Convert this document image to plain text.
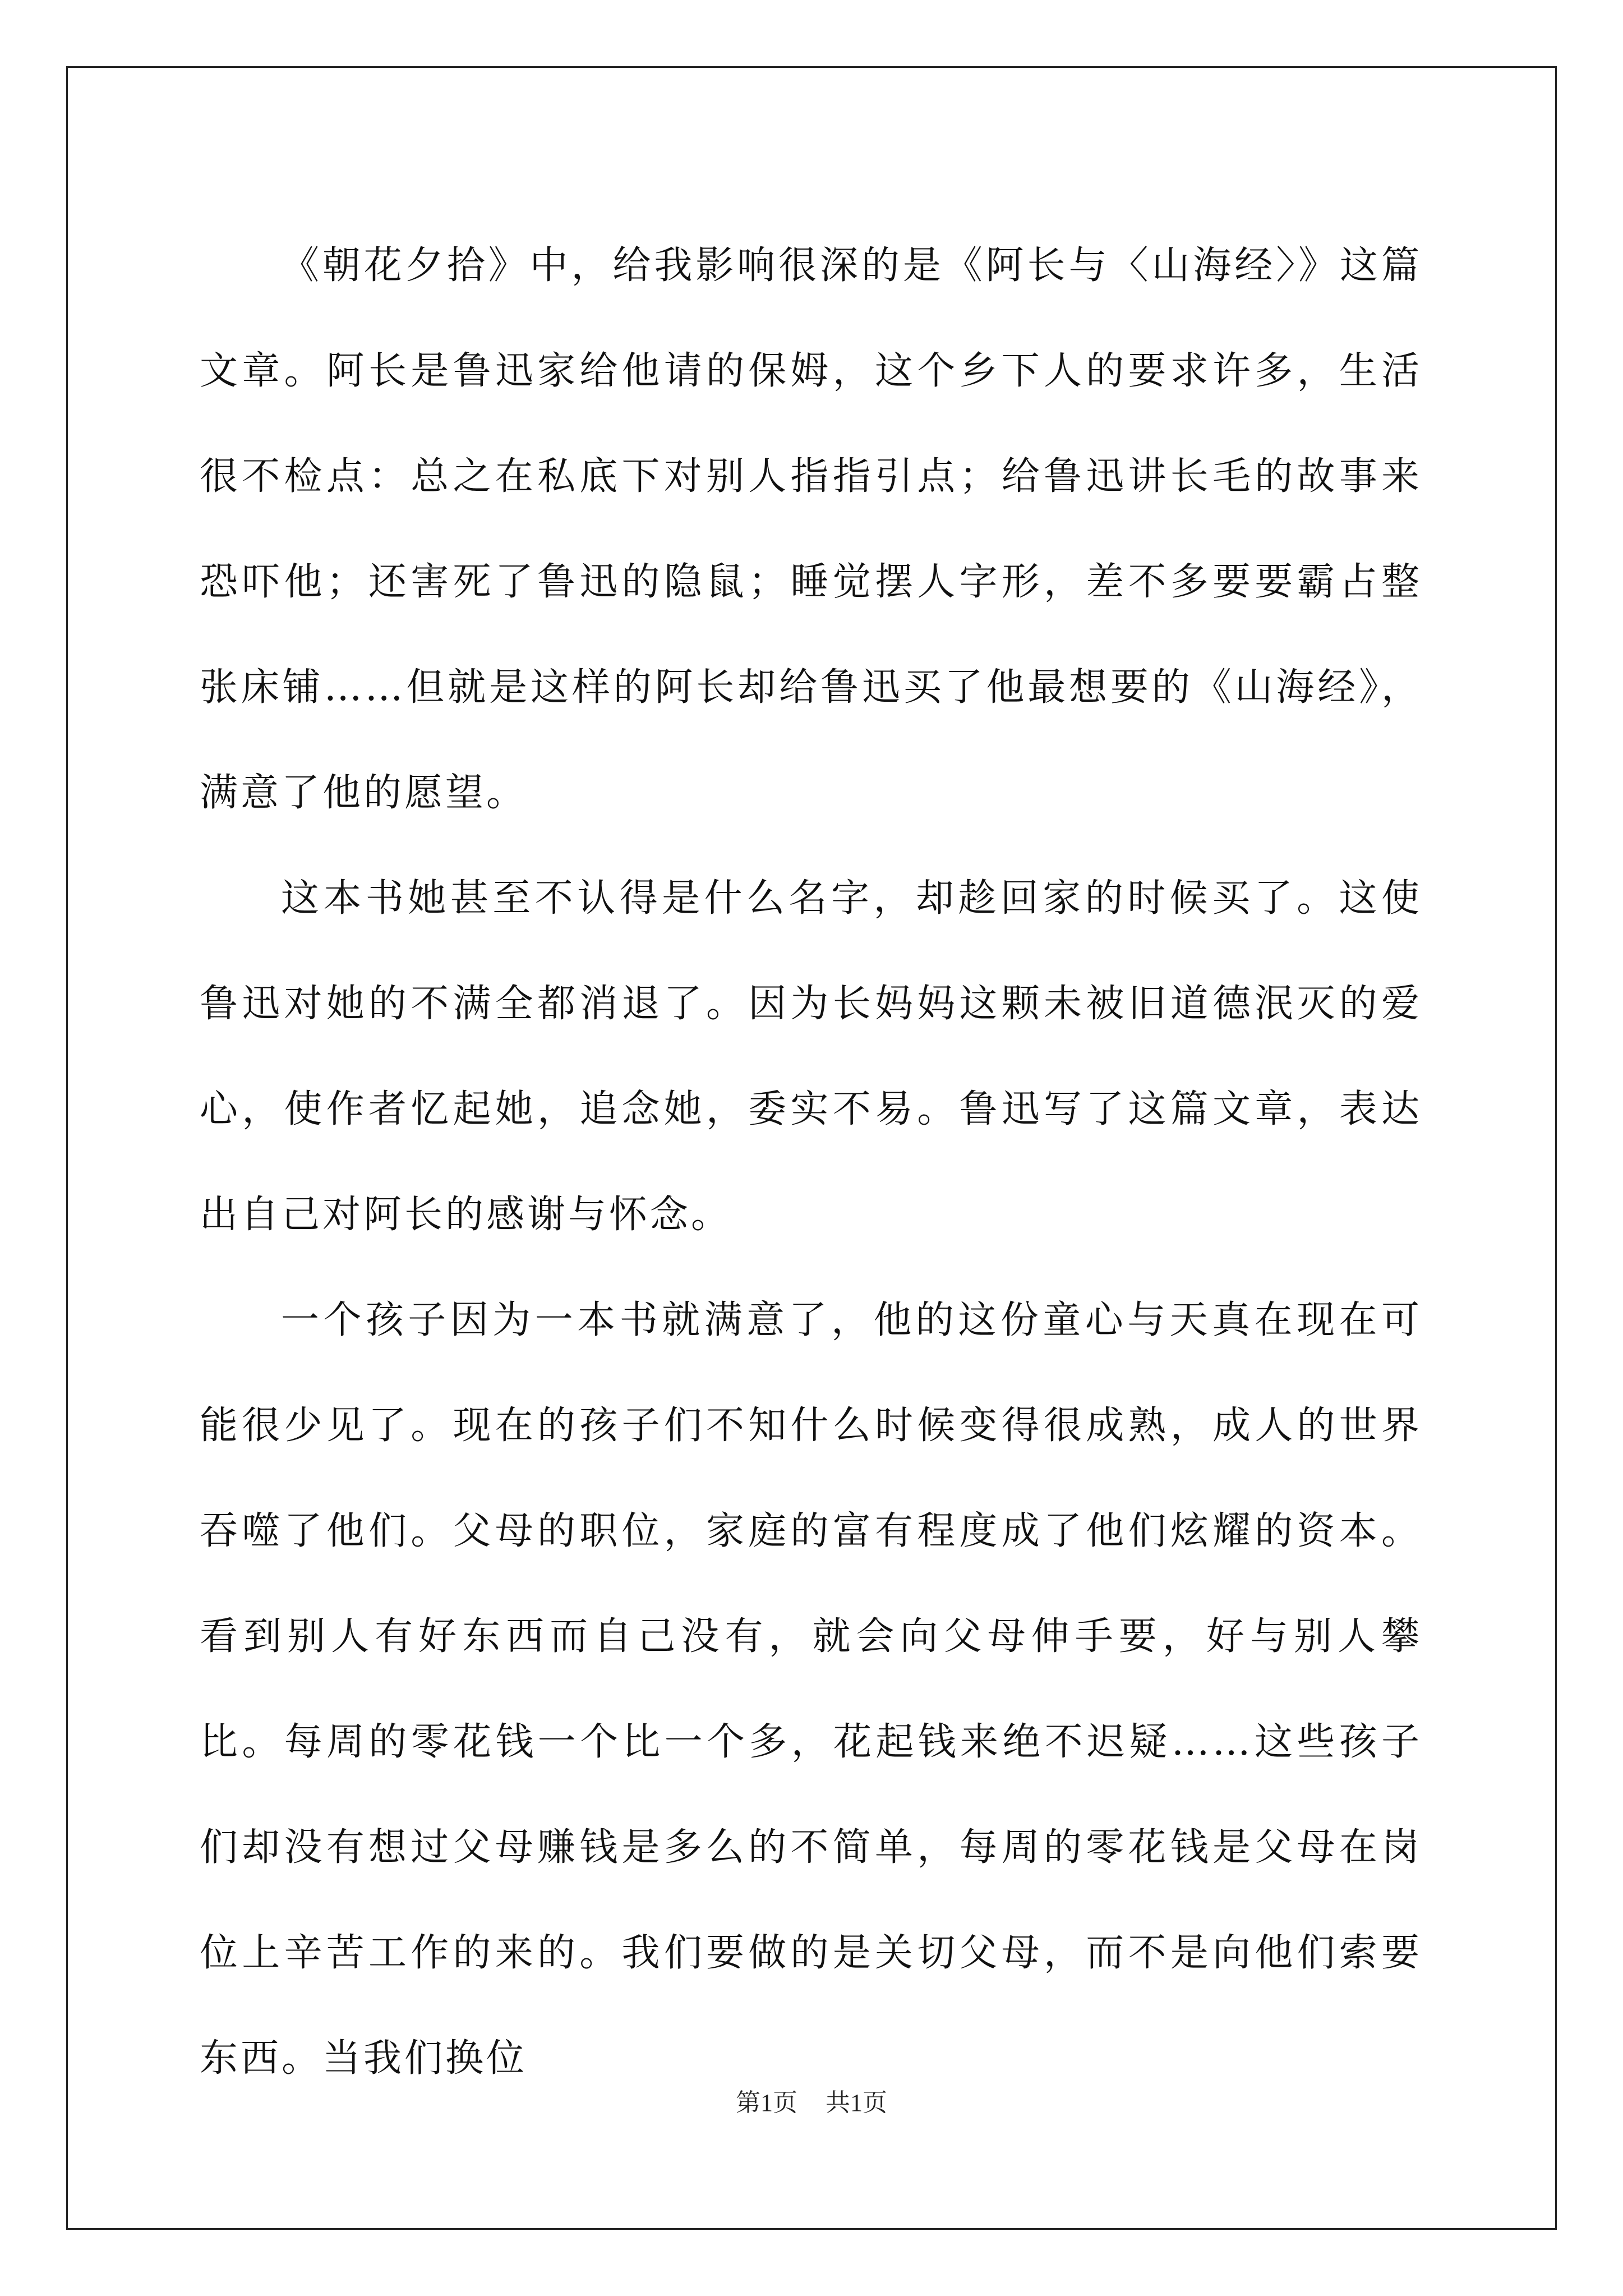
《朝花夕拾》中，给我影响很深的是《阿长与〈山海经〉》这篇文章。阿长是鲁迅家给他请的保姆，这个乡下人的要求许多，生活很不检点：总之在私底下对别人指指引点；给鲁迅讲长毛的故事来恐吓他；还害死了鲁迅的隐鼠；睡觉摆人字形，差不多要要霸占整张床铺……但就是这样的阿长却给鲁迅买了他最想要的《山海经》，满意了他的愿望。

这本书她甚至不认得是什么名字，却趁回家的时候买了。这使鲁迅对她的不满全都消退了。因为长妈妈这颗未被旧道德泯灭的爱心，使作者忆起她，追念她，委实不易。鲁迅写了这篇文章，表达出自己对阿长的感谢与怀念。

一个孩子因为一本书就满意了，他的这份童心与天真在现在可能很少见了。现在的孩子们不知什么时候变得很成熟，成人的世界吞噬了他们。父母的职位，家庭的富有程度成了他们炫耀的资本。看到别人有好东西而自己没有，就会向父母伸手要，好与别人攀比。每周的零花钱一个比一个多，花起钱来绝不迟疑……这些孩子们却没有想过父母赚钱是多么的不简单，每周的零花钱是父母在岗位上辛苦工作的来的。我们要做的是关切父母，而不是向他们索要东西。当我们换位

第1页 共1页
